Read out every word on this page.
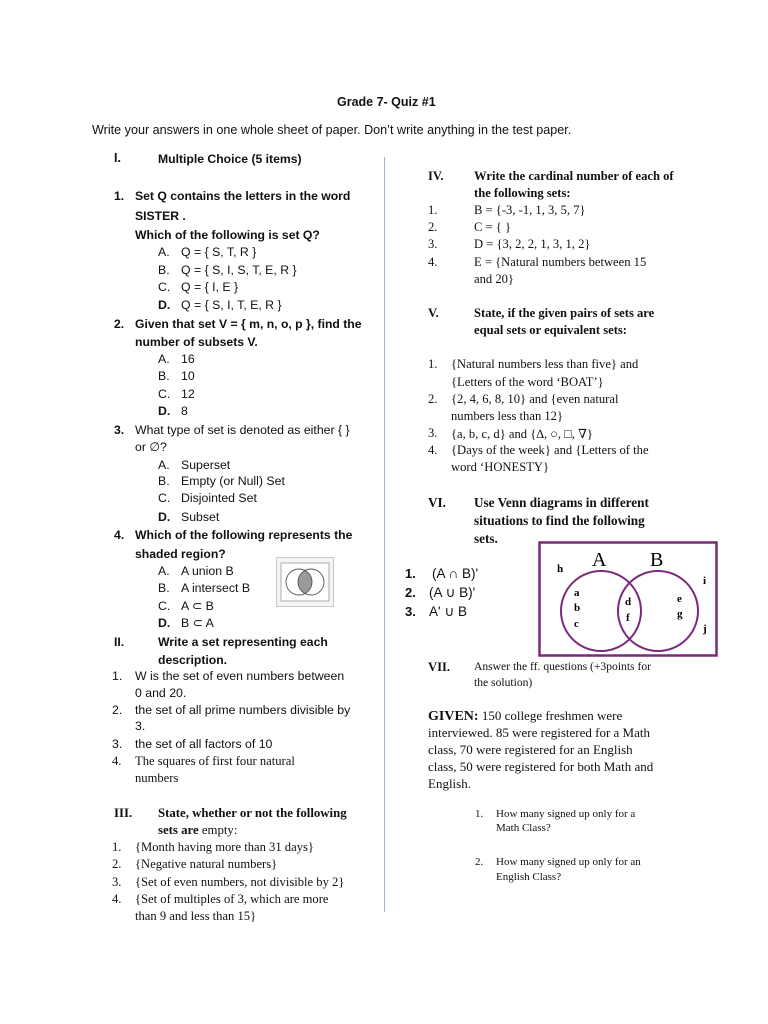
Grade 7- Quiz #1
Write your answers in one whole sheet of paper. Don’t write anything in the test paper.
I.	Multiple Choice (5 items)
1. Set Q contains the letters in the word
SISTER .
Which of the following is set Q?
A. Q = { S, T, R }
B. Q = { S, I, S, T, E, R }
C. Q = { I, E }
D. Q = { S, I, T, E, R }
2. Given that set V = { m, n, o, p }, find the
number of subsets V.
A. 16
B. 10
C. 12
D. 8
3. What type of set is denoted as either { }
or ∅?
A. Superset
B. Empty (or Null) Set
C. Disjointed Set
D. Subset
4. Which of the following represents the
shaded region?
A. A union B
B. A intersect B
C. A ⊂ B
D. B ⊂ A
II.	Write a set representing each
description.
1. W is the set of even numbers between
0 and 20.
2. the set of all prime numbers divisible by
3.
3. the set of all factors of 10
4. The squares of first four natural
numbers
III. State, whether or not the following
sets are empty:
1. {Month having more than 31 days}
2. {Negative natural numbers}
3. {Set of even numbers, not divisible by 2}
4. {Set of multiples of 3, which are more
than 9 and less than 15}
IV. Write the cardinal number of each of
the following sets:
1.	B = {-3, -1, 1, 3, 5, 7}
2.	C = { }
3.	D = {3, 2, 2, 1, 3, 1, 2}
4.	E = {Natural numbers between 15
and 20}
V.	State, if the given pairs of sets are
equal sets or equivalent sets:
1. {Natural numbers less than five} and
{Letters of the word ‘BOAT’}
2. {2, 4, 6, 8, 10} and {even natural
numbers less than 12}
3. {a, b, c, d} and {∆, ○, □, ∇}
4. {Days of the week} and {Letters of the
word ‘HONESTY}
VI. Use Venn diagrams in different
situations to find the following
sets.
1. (A ∩ B)'
2. (A ∪ B)'
3. A' ∪ B
A B
h
a
b
c
d
f
e
g
i
j
VII. Answer the ff. questions (+3points for
the solution)
GIVEN: 150 college freshmen were
interviewed. 85 were registered for a Math
class, 70 were registered for an English
class, 50 were registered for both Math and
English.
1. How many signed up only for a
Math Class?
2. How many signed up only for an
English Class?
